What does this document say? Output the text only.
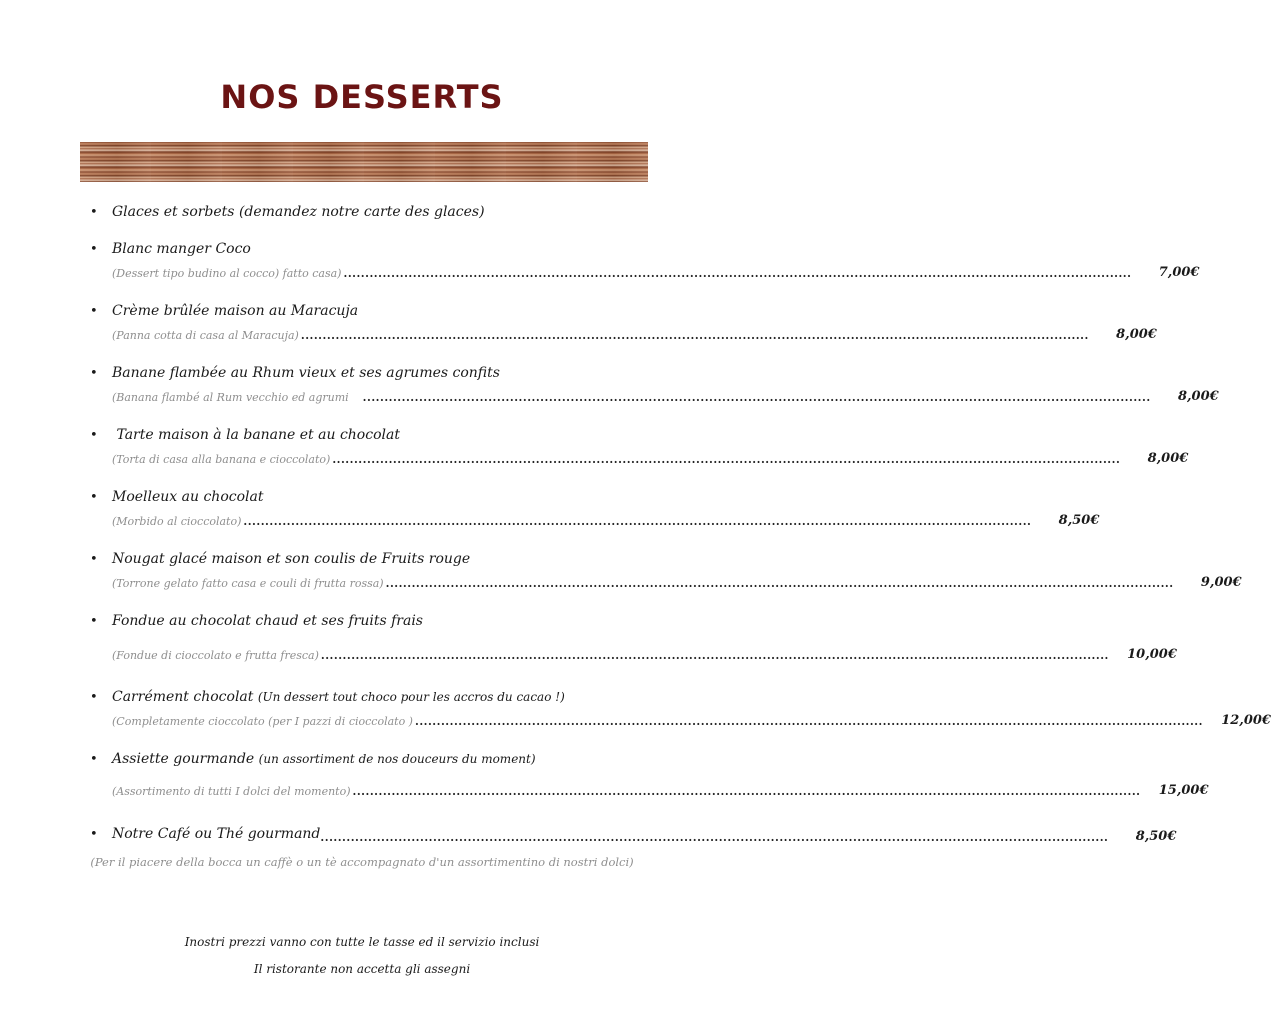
NOS DESSERTS
• Glaces et sorbets (demandez notre carte des glaces)
• Blanc manger Coco
(Dessert tipo budino al cocco) fatto casa) ......................................................................................................................................................................................	7,00€
• Crème brûlée maison au Maracuja
(Panna cotta di casa al Maracuja) ......................................................................................................................................................................................	8,00€
• Banane flambée au Rhum vieux et ses agrumes confits
(Banana flambé al Rum vecchio ed agrumi ......................................................................................................................................................................................	8,00€
• Tarte maison à la banane et au chocolat
(Torta di casa alla banana e cioccolato) ......................................................................................................................................................................................	8,00€
• Moelleux au chocolat
(Morbido al cioccolato) ......................................................................................................................................................................................	8,50€
• Nougat glacé maison et son coulis de Fruits rouge
(Torrone gelato fatto casa e couli di frutta rossa) ......................................................................................................................................................................................	9,00€
• Fondue au chocolat chaud et ses fruits frais
(Fondue di cioccolato e frutta fresca) ......................................................................................................................................................................................	10,00€
• Carrément chocolat (Un dessert tout choco pour les accros du cacao !)
(Completamente cioccolato (per I pazzi di cioccolato ) ......................................................................................................................................................................................	12,00€
• Assiette gourmande (un assortiment de nos douceurs du moment)
(Assortimento di tutti I dolci del momento) ......................................................................................................................................................................................	15,00€
• Notre Café ou Thé gourmand ......................................................................................................................................................................................	8,50€
(Per il piacere della bocca un caffè o un tè accompagnato d'un assortimentino di nostri dolci)
Inostri prezzi vanno con tutte le tasse ed il servizio inclusi
Il ristorante non accetta gli assegni
